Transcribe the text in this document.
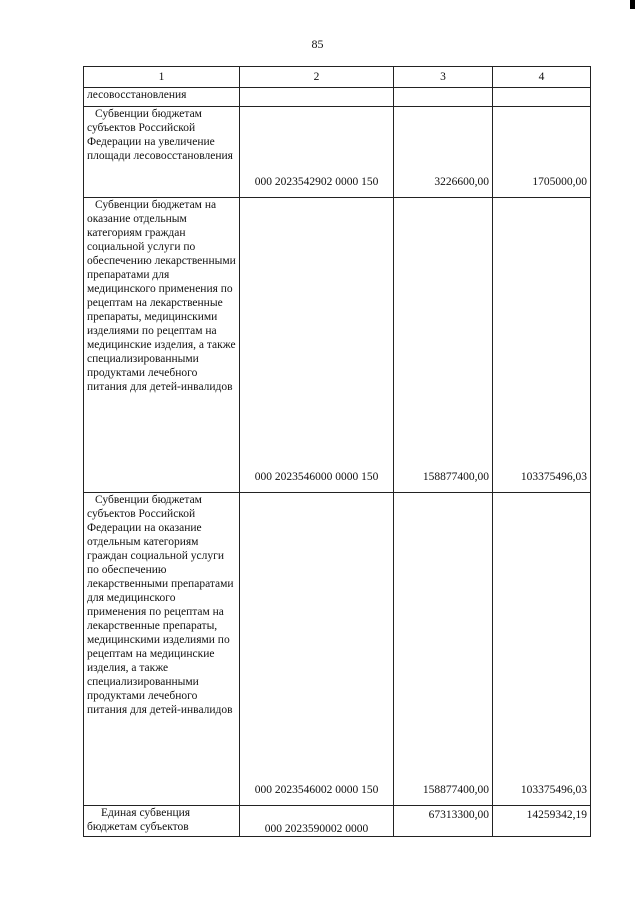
85
1	2	3	4

лесовосстановления			

Субвенции бюджетам субъектов Российской Федерации на увеличение площади лесовосстановления	000 2023542902 0000 150	3226600,00	1705000,00

Субвенции бюджетам на оказание отдельным категориям граждан социальной услуги по обеспечению лекарственными препаратами для медицинского применения по рецептам на лекарственные препараты, медицинскими изделиями по рецептам на медицинские изделия, а также специализированными продуктами лечебного питания для детей-инвалидов	000 2023546000 0000 150	158877400,00	103375496,03

Субвенции бюджетам субъектов Российской Федерации на оказание отдельным категориям граждан социальной услуги по обеспечению лекарственными препаратами для медицинского применения по рецептам на лекарственные препараты, медицинскими изделиями по рецептам на медицинские изделия, а также специализированными продуктами лечебного питания для детей-инвалидов	000 2023546002 0000 150	158877400,00	103375496,03

Единая субвенция бюджетам субъектов	000 2023590002 0000	67313300,00	14259342,19
